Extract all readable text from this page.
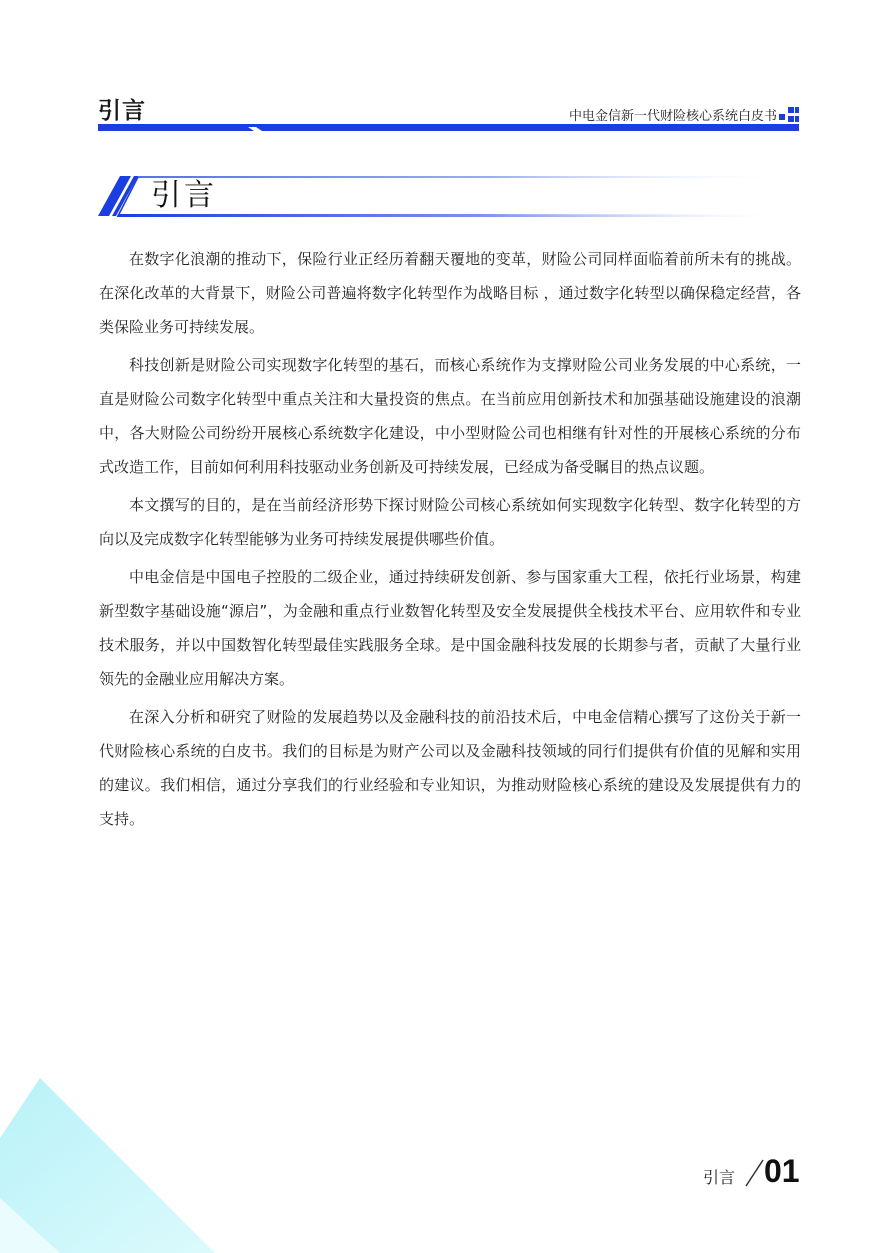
引言	中电金信新一代财险核心系统白皮书
引言

在数字化浪潮的推动下，保险行业正经历着翻天覆地的变革，财险公司同样面临着前所未有的挑战。在深化改革的大背景下，财险公司普遍将数字化转型作为战略目标 ，通过数字化转型以确保稳定经营，各类保险业务可持续发展。

科技创新是财险公司实现数字化转型的基石，而核心系统作为支撑财险公司业务发展的中心系统，一直是财险公司数字化转型中重点关注和大量投资的焦点。在当前应用创新技术和加强基础设施建设的浪潮中，各大财险公司纷纷开展核心系统数字化建设，中小型财险公司也相继有针对性的开展核心系统的分布式改造工作，目前如何利用科技驱动业务创新及可持续发展，已经成为备受瞩目的热点议题。

本文撰写的目的，是在当前经济形势下探讨财险公司核心系统如何实现数字化转型、数字化转型的方向以及完成数字化转型能够为业务可持续发展提供哪些价值。

中电金信是中国电子控股的二级企业，通过持续研发创新、参与国家重大工程，依托行业场景，构建新型数字基础设施“源启”，为金融和重点行业数智化转型及安全发展提供全栈技术平台、应用软件和专业技术服务，并以中国数智化转型最佳实践服务全球。是中国金融科技发展的长期参与者，贡献了大量行业领先的金融业应用解决方案。

在深入分析和研究了财险的发展趋势以及金融科技的前沿技术后，中电金信精心撰写了这份关于新一代财险核心系统的白皮书。我们的目标是为财产公司以及金融科技领域的同行们提供有价值的见解和实用的建议。我们相信，通过分享我们的行业经验和专业知识，为推动财险核心系统的建设及发展提供有力的支持。

引言 01
